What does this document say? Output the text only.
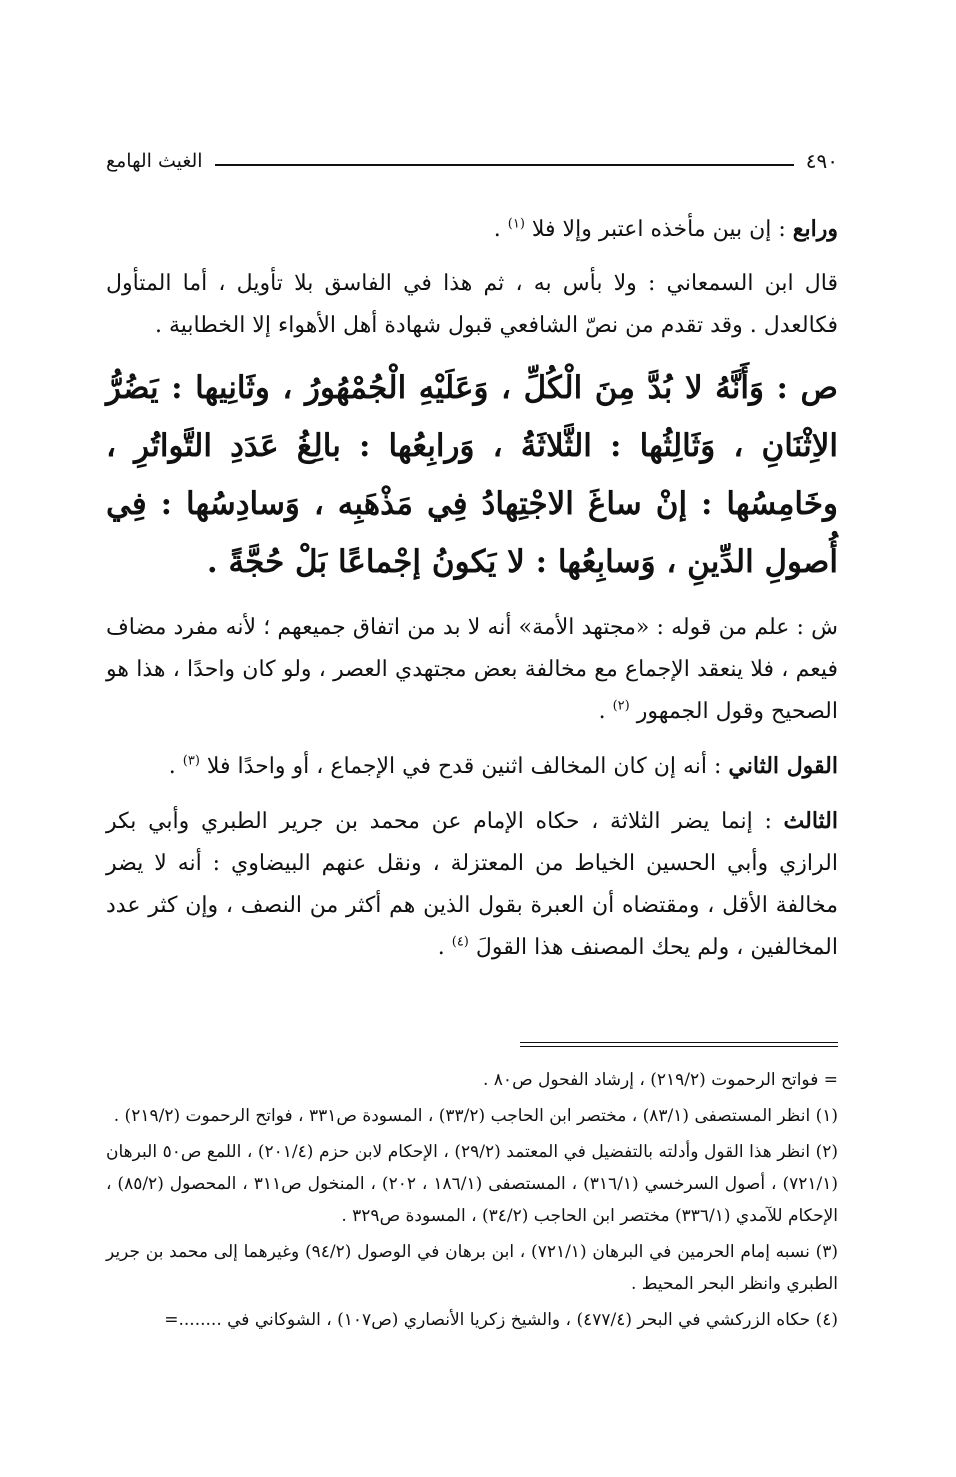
٤٩٠
الغيث الهامع

ورابع : إن بين مأخذه اعتبر وإلا فلا $^{(١)}$ .

قال ابن السمعاني : ولا بأس به ، ثم هذا في الفاسق بلا تأويل ، أما المتأول فكالعدل . وقد تقدم من نصّ الشافعي قبول شهادة أهل الأهواء إلا الخطابية .

ص : وَأَنَّهُ لا بُدَّ مِنَ الْكُلِّ ، وَعَلَيْهِ الْجُمْهُورُ ، وثَانِيها : يَضُرُّ الاِثْنَانِ ، وَثَالِثُها : الثَّلاثَةُ ، وَرابِعُها : بالِغُ عَدَدِ التَّواتُرِ ، وخَامِسُها : إنْ ساغَ الاجْتِهادُ فِي مَذْهَبِه ، وَسادِسُها : فِي أُصولِ الدِّينِ ، وَسابِعُها : لا يَكونُ إجْماعًا بَلْ حُجَّةً .

ش : علم من قوله : «مجتهد الأمة» أنه لا بد من اتفاق جميعهم ؛ لأنه مفرد مضاف فيعم ، فلا ينعقد الإجماع مع مخالفة بعض مجتهدي العصر ، ولو كان واحدًا ، هذا هو الصحيح وقول الجمهور $^{(٢)}$ .

القول الثاني : أنه إن كان المخالف اثنين قدح في الإجماع ، أو واحدًا فلا $^{(٣)}$ .

الثالث : إنما يضر الثلاثة ، حكاه الإمام عن محمد بن جرير الطبري وأبي بكر الرازي وأبي الحسين الخياط من المعتزلة ، ونقل عنهم البيضاوي : أنه لا يضر مخالفة الأقل ، ومقتضاه أن العبرة بقول الذين هم أكثر من النصف ، وإن كثر عدد المخالفين ، ولم يحك المصنف هذا القولَ $^{(٤)}$ .

= فواتح الرحموت (٢١٩/٢) ، إرشاد الفحول ص٨٠ .

(١) انظر المستصفى (٨٣/١) ، مختصر ابن الحاجب (٣٣/٢) ، المسودة ص٣٣١ ، فواتح الرحموت (٢١٩/٢) .

(٢) انظر هذا القول وأدلته بالتفضيل في المعتمد (٢٩/٢) ، الإحكام لابن حزم (٢٠١/٤) ، اللمع ص٥٠ البرهان (٧٢١/١) ، أصول السرخسي (٣١٦/١) ، المستصفى (١٨٦/١ ، ٢٠٢) ، المنخول ص٣١١ ، المحصول (٨٥/٢) ، الإحكام للآمدي (٣٣٦/١) مختصر ابن الحاجب (٣٤/٢) ، المسودة ص٣٢٩ .

(٣) نسبه إمام الحرمين في البرهان (٧٢١/١) ، ابن برهان في الوصول (٩٤/٢) وغيرهما إلى محمد بن جرير الطبري وانظر البحر المحيط .

(٤) حكاه الزركشي في البحر (٤٧٧/٤) ، والشيخ زكريا الأنصاري (ص١٠٧) ، الشوكاني في ........=
